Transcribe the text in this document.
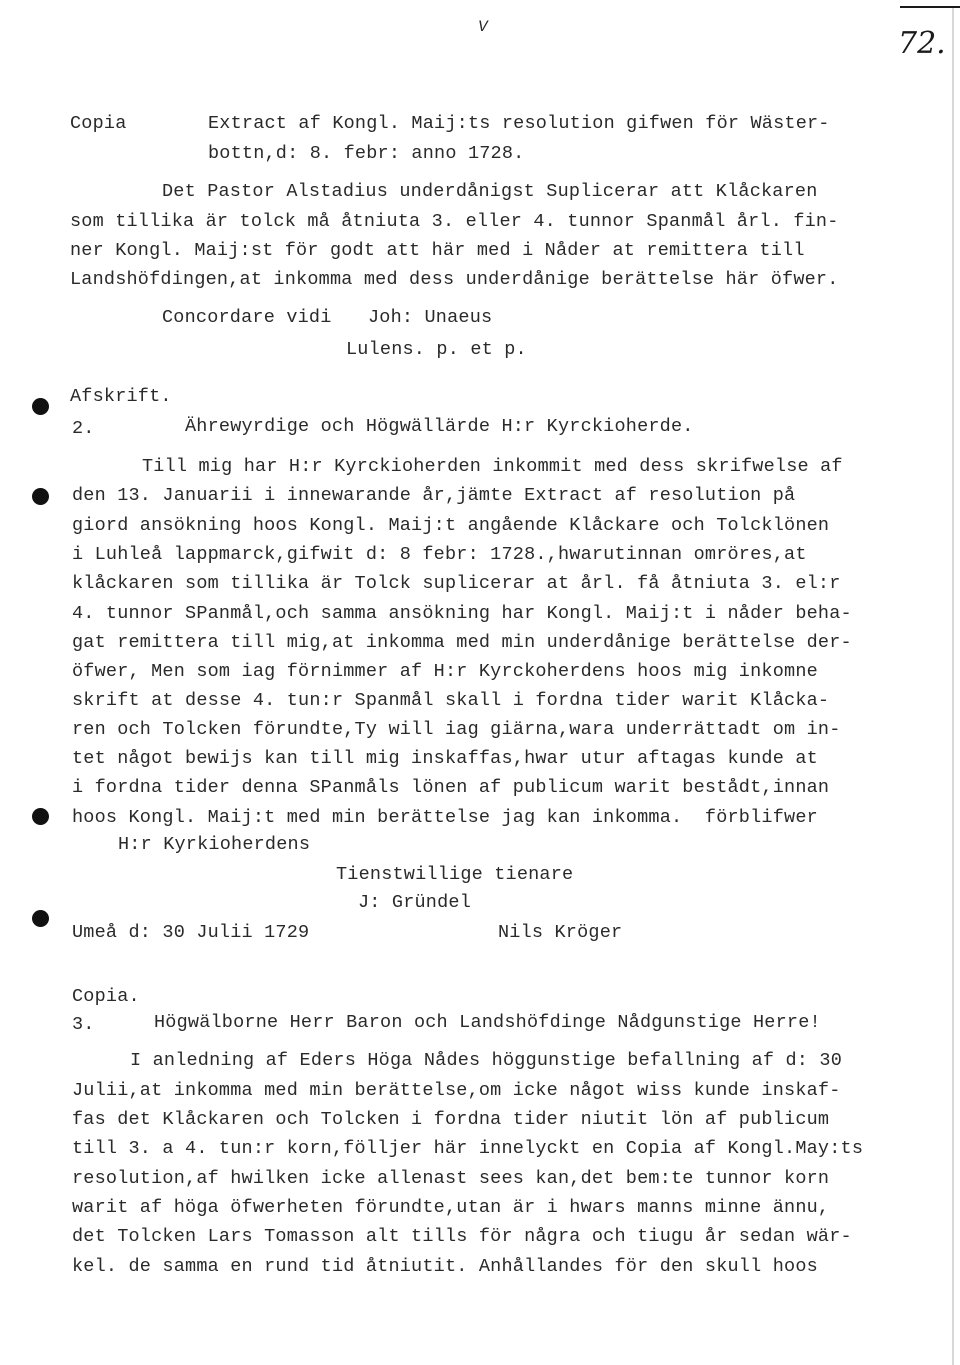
V	72.
Copia	Extract af Kongl. Maij:ts resolution gifwen för Wäster-
bottn,d: 8. febr: anno 1728.
Det Pastor Alstadius underdånigst Suplicerar att Klåckaren
som tillika är tolck må åtniuta 3. eller 4. tunnor Spanmål årl. fin-
ner Kongl. Maij:st för godt att här med i Nåder at remittera till
Landshöfdingen,at inkomma med dess underdånige berättelse här öfwer.
Concordare vidi Joh: Unaeus
Lulens. p. et p.
Afskrift.
2.	Ährewyrdige och Högwällärde H:r Kyrckioherde.
Till mig har H:r Kyrckioherden inkommit med dess skrifwelse af
den 13. Januarii i innewarande år,jämte Extract af resolution på
giord ansökning hoos Kongl. Maij:t angående Klåckare och Tolcklönen
i Luhleå lappmarck,gifwit d: 8 febr: 1728.,hwarutinnan omröres,at
klåckaren som tillika är Tolck suplicerar at årl. få åtniuta 3. el:r
4. tunnor SPanmål,och samma ansökning har Kongl. Maij:t i nåder beha-
gat remittera till mig,at inkomma med min underdånige berättelse der-
öfwer, Men som iag förnimmer af H:r Kyrckoherdens hoos mig inkomne
skrift at desse 4. tun:r Spanmål skall i fordna tider warit Klåcka-
ren och Tolcken förundte,Ty will iag giärna,wara underrättadt om in-
tet något bewijs kan till mig inskaffas,hwar utur aftagas kunde at
i fordna tider denna SPanmåls lönen af publicum warit bestådt,innan
hoos Kongl. Maij:t med min berättelse jag kan inkomma.  förblifwer
H:r Kyrkioherdens
Tienstwillige tienare
J: Gründel
Umeå d: 30 Julii 1729	Nils Kröger
Copia.
3.	Högwälborne Herr Baron och Landshöfdinge Nådgunstige Herre!
I anledning af Eders Höga Nådes höggunstige befallning af d: 30
Julii,at inkomma med min berättelse,om icke något wiss kunde inskaf-
fas det Klåckaren och Tolcken i fordna tider niutit lön af publicum
till 3. a 4. tun:r korn,fölljer här innelyckt en Copia af Kongl.May:ts
resolution,af hwilken icke allenast sees kan,det bem:te tunnor korn
warit af höga öfwerheten förundte,utan är i hwars manns minne ännu,
det Tolcken Lars Tomasson alt tills för några och tiugu år sedan wär-
kel. de samma en rund tid åtniutit. Anhållandes för den skull hoos
